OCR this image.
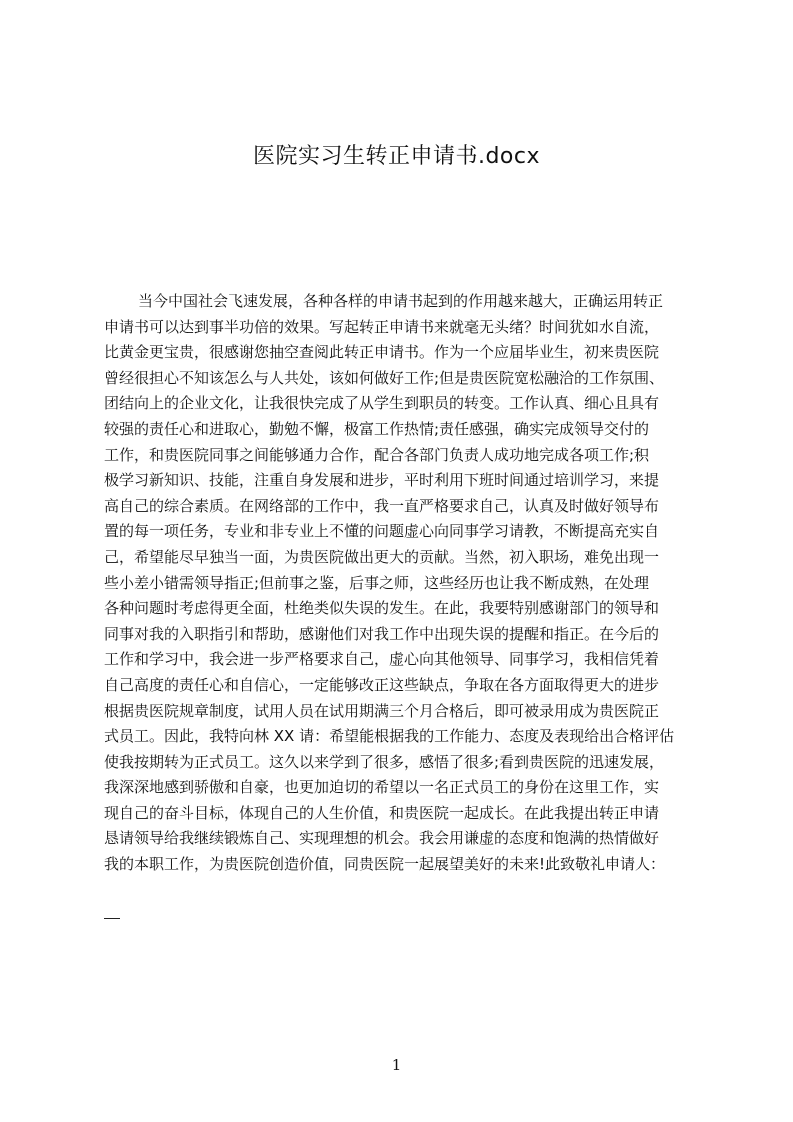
医院实习生转正申请书.docx
当今中国社会飞速发展，各种各样的申请书起到的作用越来越大，正确运用转正
申请书可以达到事半功倍的效果。写起转正申请书来就毫无头绪？时间犹如水自流，
比黄金更宝贵，很感谢您抽空查阅此转正申请书。作为一个应届毕业生，初来贵医院
曾经很担心不知该怎么与人共处，该如何做好工作;但是贵医院宽松融洽的工作氛围、
团结向上的企业文化，让我很快完成了从学生到职员的转变。工作认真、细心且具有
较强的责任心和进取心，勤勉不懈，极富工作热情;责任感强，确实完成领导交付的
工作，和贵医院同事之间能够通力合作，配合各部门负责人成功地完成各项工作;积
极学习新知识、技能，注重自身发展和进步，平时利用下班时间通过培训学习，来提
高自己的综合素质。在网络部的工作中，我一直严格要求自己，认真及时做好领导布
置的每一项任务，专业和非专业上不懂的问题虚心向同事学习请教，不断提高充实自
己，希望能尽早独当一面，为贵医院做出更大的贡献。当然，初入职场，难免出现一
些小差小错需领导指正;但前事之鉴，后事之师，这些经历也让我不断成熟，在处理
各种问题时考虑得更全面，杜绝类似失误的发生。在此，我要特别感谢部门的领导和
同事对我的入职指引和帮助，感谢他们对我工作中出现失误的提醒和指正。在今后的
工作和学习中，我会进一步严格要求自己，虚心向其他领导、同事学习，我相信凭着
自己高度的责任心和自信心，一定能够改正这些缺点，争取在各方面取得更大的进步
根据贵医院规章制度，试用人员在试用期满三个月合格后，即可被录用成为贵医院正
式员工。因此，我特向林 XX 请：希望能根据我的工作能力、态度及表现给出合格评估
使我按期转为正式员工。这久以来学到了很多，感悟了很多;看到贵医院的迅速发展，
我深深地感到骄傲和自豪，也更加迫切的希望以一名正式员工的身份在这里工作，实
现自己的奋斗目标，体现自己的人生价值，和贵医院一起成长。在此我提出转正申请
恳请领导给我继续锻炼自己、实现理想的机会。我会用谦虚的态度和饱满的热情做好
我的本职工作，为贵医院创造价值，同贵医院一起展望美好的未来!此致敬礼申请人：
1
